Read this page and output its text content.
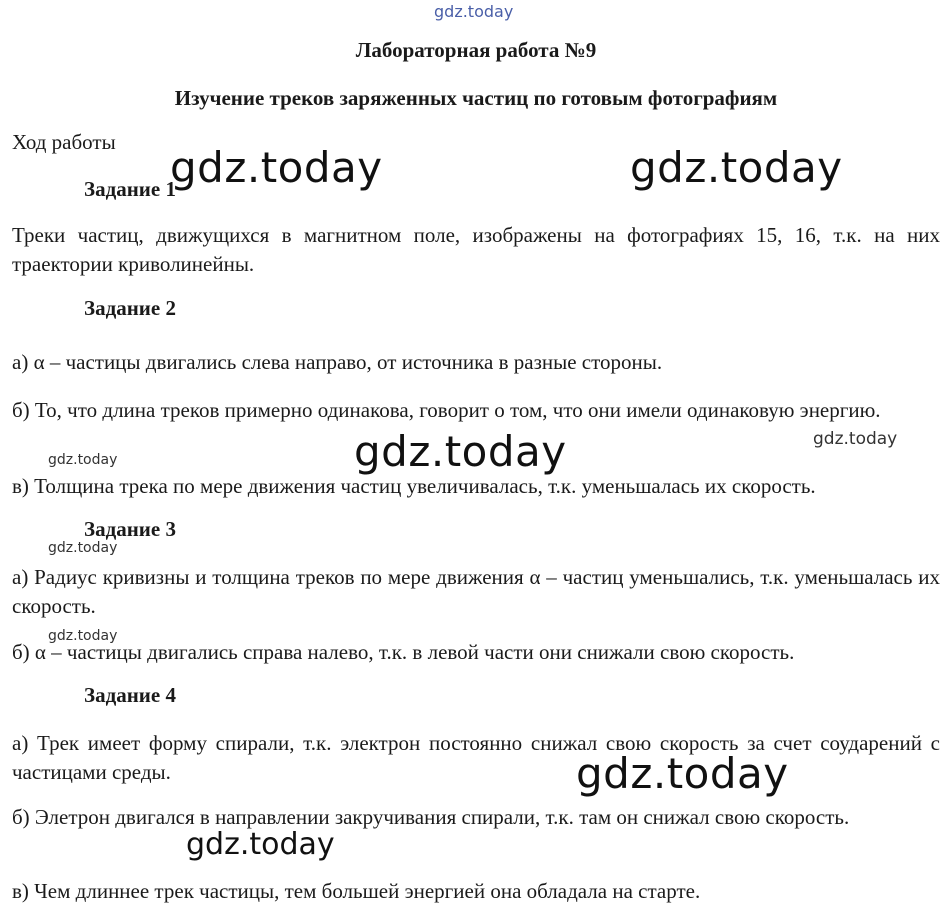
gdz.today
Лабораторная работа №9
Изучение треков заряженных частиц по готовым фотографиям
Ход работы
Задание 1
Треки частиц, движущихся в магнитном поле, изображены на фотографиях 15, 16, т.к. на них траектории криволинейны.
Задание 2
а) α – частицы двигались слева направо, от источника в разные стороны.
б) То, что длина треков примерно одинакова, говорит о том, что они имели одинаковую энергию.
в) Толщина трека по мере движения частиц увеличивалась, т.к. уменьшалась их скорость.
Задание 3
а) Радиус кривизны и толщина треков по мере движения α – частиц уменьшались, т.к. уменьшалась их скорость.
б) α – частицы двигались справа налево, т.к. в левой части они снижали свою скорость.
Задание 4
а) Трек имеет форму спирали, т.к. электрон постоянно снижал свою скорость за счет соударений с частицами среды.
б) Элетрон двигался в направлении закручивания спирали, т.к. там он снижал свою скорость.
в) Чем длиннее трек частицы, тем большей энергией она обладала на старте.
gdz.today	gdz.today
gdz.today
gdz.today
gdz.today
gdz.today
gdz.today
gdz.today
gdz.today
